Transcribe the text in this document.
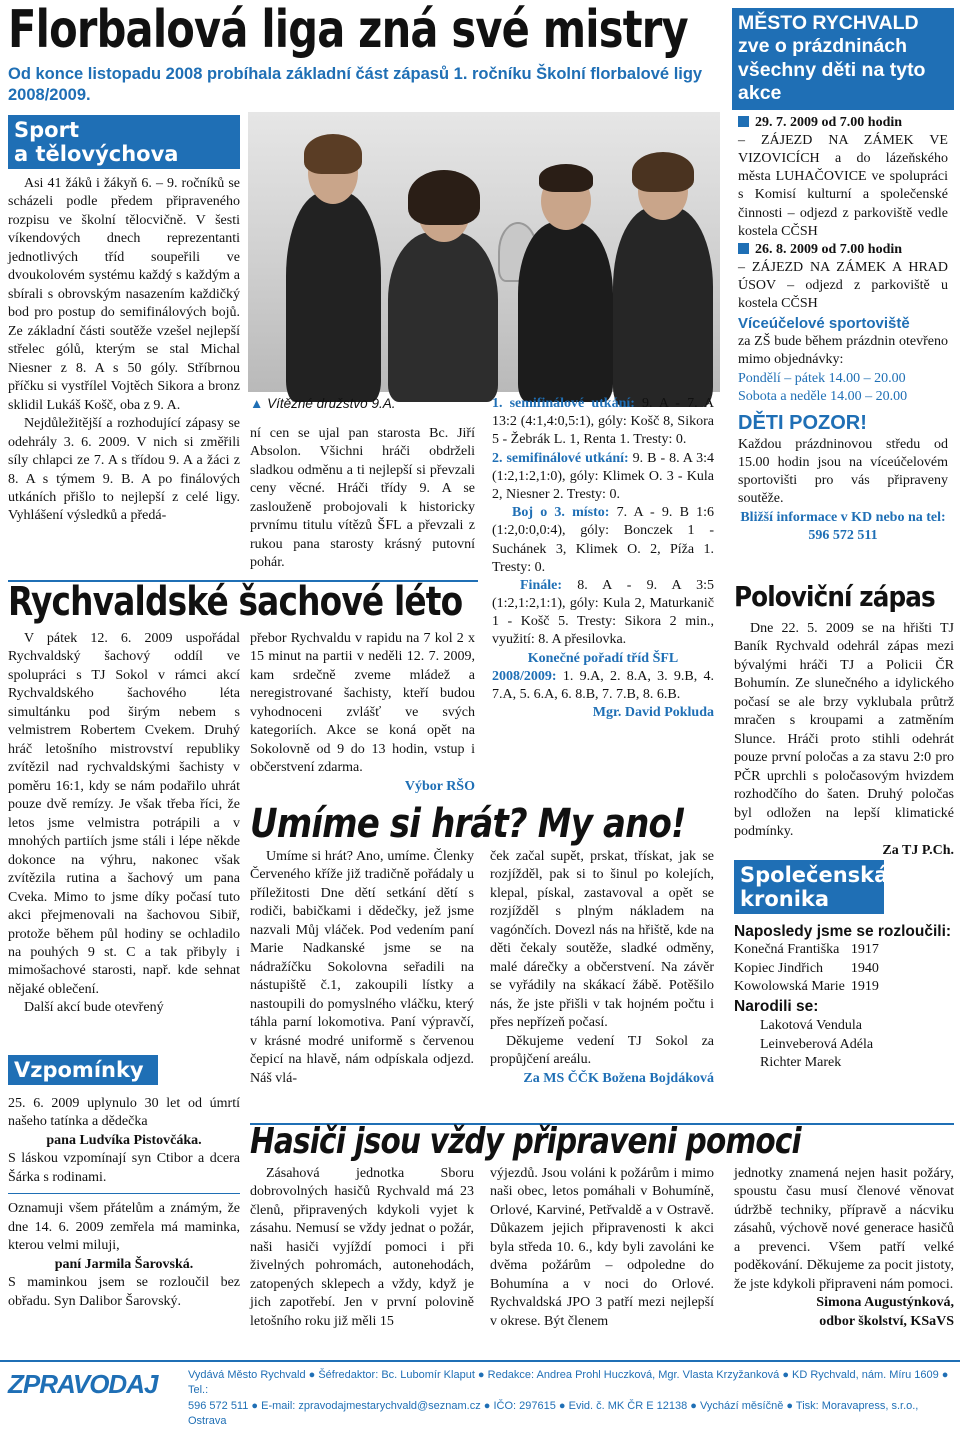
Florbalová liga zná své mistry
Od konce listopadu 2008 probíhala základní část zápasů 1. ročníku Školní florbalové ligy 2008/2009.
Sport
a tělovýchova

Asi 41 žáků i žákyň 6. – 9. ročníků se scházeli podle předem připraveného rozpisu ve školní tělocvičně. V šesti víkendových dnech reprezentanti jednotlivých tříd soupeřili ve dvoukolovém systému každý s každým a sbírali s obrovským nasazením každičký bod pro postup do semifinálových bojů. Ze základní části soutěže vzešel nejlepší střelec gólů, kterým se stal Michal Niesner z 8. A s 50 góly. Stříbrnou příčku si vystřílel Vojtěch Sikora a bronz sklidil Lukáš Košč, oba z 9. A.

Nejdůležitější a rozhodující zápasy se odehrály 3. 6. 2009. V nich si změřili síly chlapci ze 7. A s třídou 9. A a žáci z 8. A s týmem 9. B. A po finálových utkáních přišlo to nejlepší z celé ligy. Vyhlášení výsledků a předá-

▲ Vítězné družstvo 9.A.
ní cen se ujal pan starosta Bc. Jiří Absolon. Všichni hráči obdrželi sladkou odměnu a ti nejlepší si převzali ceny věcné. Hráči třídy 9. A se zaslouženě probojovali k historicky prvnímu titulu vítězů ŠFL a převzali z rukou pana starosty krásný putovní pohár.

1. semifinálové utkání: 9. A - 7. A 13:2 (4:1,4:0,5:1), góly: Košč 8, Sikora 5 - Žebrák L. 1, Renta 1. Tresty: 0.

2. semifinálové utkání: 9. B - 8. A 3:4 (1:2,1:2,1:0), góly: Klimek O. 3 - Kula 2, Niesner 2. Tresty: 0.

Boj o 3. místo: 7. A - 9. B 1:6 (1:2,0:0,0:4), góly: Bonczek 1 - Suchánek 3, Klimek O. 2, Píža 1. Tresty: 0.

Finále: 8. A - 9. A 3:5 (1:2,1:2,1:1), góly: Kula 2, Maturkanič 1 - Košč 5. Tresty: Sikora 2 min., využití: 8. A přesilovka.

Konečné pořadí tříd ŠFL

2008/2009: 1. 9.A, 2. 8.A, 3. 9.B, 4. 7.A, 5. 6.A, 6. 8.B, 7. 7.B, 8. 6.B.

Mgr. David Pokluda

MĚSTO RYCHVALD zve o prázdninách všechny děti na tyto akce

29. 7. 2009 od 7.00 hodin

– ZÁJEZD NA ZÁMEK VE VIZOVICÍCH a do lázeňského města LUHAČOVICE ve spolupráci s Komisí kulturní a společenské činnosti – odjezd z parkoviště vedle kostela CČSH

26. 8. 2009 od 7.00 hodin

– ZÁJEZD NA ZÁMEK A HRAD ÚSOV – odjezd z parkoviště u kostela CČSH

Víceúčelové sportoviště

za ZŠ bude během prázdnin otevřeno mimo objednávky:

Pondělí – pátek 14.00 – 20.00

Sobota a neděle 14.00 – 20.00

DĚTI POZOR!

Každou prázdninovou středu od 15.00 hodin jsou na víceúčelovém sportovišti pro vás připraveny soutěže.

Bližší informace v KD nebo na tel: 596 572 511

Rychvaldské šachové léto

V pátek 12. 6. 2009 uspořádal Rychvaldský šachový oddíl ve spolupráci s TJ Sokol v rámci akcí Rychvaldského šachového léta simultánku pod širým nebem s velmistrem Robertem Cvekem. Druhý hráč letošního mistrovství republiky zvítězil nad rychvaldskými šachisty v poměru 16:1, kdy se nám podařilo uhrát pouze dvě remízy. Je však třeba říci, že letos jsme velmistra potrápili a v mnohých partiích jsme stáli i lépe někde dokonce na výhru, nakonec však zvítězila rutina a šachový um pana Cveka. Mimo to jsme díky počasí tuto akci přejmenovali na šachovou Sibiř, protože během půl hodiny se ochladilo na pouhých 9 st. C a tak přibyly i mimošachové starosti, např. kde sehnat nějaké oblečení.

Další akcí bude otevřený

přebor Rychvaldu v rapidu na 7 kol 2 x 15 minut na partii v neděli 12. 7. 2009, kam srdečně zveme mládež a neregistrované šachisty, kteří budou vyhodnoceni zvlášť ve svých kategoriích. Akce se koná opět na Sokolovně od 9 do 13 hodin, vstup i občerstvení zdarma.

Výbor RŠO

Poloviční zápas

Dne 22. 5. 2009 se na hřišti TJ Baník Rychvald odehrál zápas mezi bývalými hráči TJ a Policii ČR Bohumín. Ze slunečného a idylického počasí se ale brzy vyklubala průtrž mračen s kroupami a zatměním Slunce. Hráči proto stihli odehrát pouze první poločas a za stavu 2:0 pro PČR uprchli s poločasovým hvizdem rozhodčího do šaten. Druhý poločas byl odložen na lepší klimatické podmínky.

Za TJ P.Ch.

Umíme si hrát? My ano!

Umíme si hrát? Ano, umíme. Členky Červeného kříže již tradičně pořádaly u příležitosti Dne dětí setkání dětí s rodiči, babičkami i dědečky, jež jsme nazvali Můj vláček. Pod vedením paní Marie Nadkanské jsme se na nádražíčku Sokolovna seřadili na nástupiště č.1, zakoupili lístky a nastoupili do pomyslného vláčku, který táhla parní lokomotiva. Paní výpravčí, v krásné modré uniformě s červenou čepicí na hlavě, nám odpískala odjezd. Náš vlá-

ček začal supět, prskat, třískat, jak se rozjížděl, pak si to šinul po kolejích, klepal, pískal, zastavoval a opět se rozjížděl s plným nákladem na vagónčích. Dovezl nás na hřiště, kde na děti čekaly soutěže, sladké odměny, malé dárečky a občerstvení. Na závěr se vyřádily na skákací žábě. Potěšilo nás, že jste přišli v tak hojném počtu i přes nepřízeň počasí.

Děkujeme vedení TJ Sokol za propůjčení areálu.

Za MS ČČK Božena Bojdáková

Společenská
kronika

Naposledy jsme se rozloučili:

Konečná Františka	1917
Kopiec Jindřich	1940
Kowolowská Marie	1919

Narodili se:

Lakotová Vendula

Leinveberová Adéla

Richter Marek

Vzpomínky

25. 6. 2009 uplynulo 30 let od úmrtí našeho tatínka a dědečka

pana Ludvíka Pistovčáka.

S láskou vzpomínají syn Ctibor a dcera Šárka s rodinami.

Oznamuji všem přátelům a známým, že dne 14. 6. 2009 zemřela má maminka, kterou velmi miluji,

paní Jarmila Šarovská.

S maminkou jsem se rozloučil bez obřadu. Syn Dalibor Šarovský.

Hasiči jsou vždy připraveni pomoci

Zásahová jednotka Sboru dobrovolných hasičů Rychvald má 23 členů, připravených kdykoli vyjet k zásahu. Nemusí se vždy jednat o požár, naši hasiči vyjíždí pomoci i při živelných pohromách, autonehodách, zatopených sklepech a vždy, když je jich zapotřebí. Jen v první polovině letošního roku již měli 15

výjezdů. Jsou voláni k požárům i mimo naši obec, letos pomáhali v Bohumíně, Orlové, Karviné, Petřvaldě a v Ostravě. Důkazem jejich připravenosti k akci byla středa 10. 6., kdy byli zavoláni ke dvěma požárům – odpoledne do Bohumína a v noci do Orlové. Rychvaldská JPO 3 patří mezi nejlepší v okrese. Být členem

jednotky znamená nejen hasit požáry, spoustu času musí členové věnovat údržbě techniky, přípravě a nácviku zásahů, výchově nové generace hasičů a prevenci. Všem patří velké poděkování. Děkujeme za pocit jistoty, že jste kdykoli připraveni nám pomoci.

Simona Augustýnková,

odbor školství, KSaVS

ZPRAVODAJ	Vydává Město Rychvald ● Šéfredaktor: Bc. Lubomír Klaput ● Redakce: Andrea Prohl Huczková, Mgr. Vlasta Krzyžanková ● KD Rychvald, nám. Míru 1609 ● Tel.:
596 572 511 ● E-mail: zpravodajmestarychvald@seznam.cz ● IČO: 297615 ● Evid. č. MK ČR E 12138 ● Vychází měsíčně ● Tisk: Moravapress, s.r.o., Ostrava
